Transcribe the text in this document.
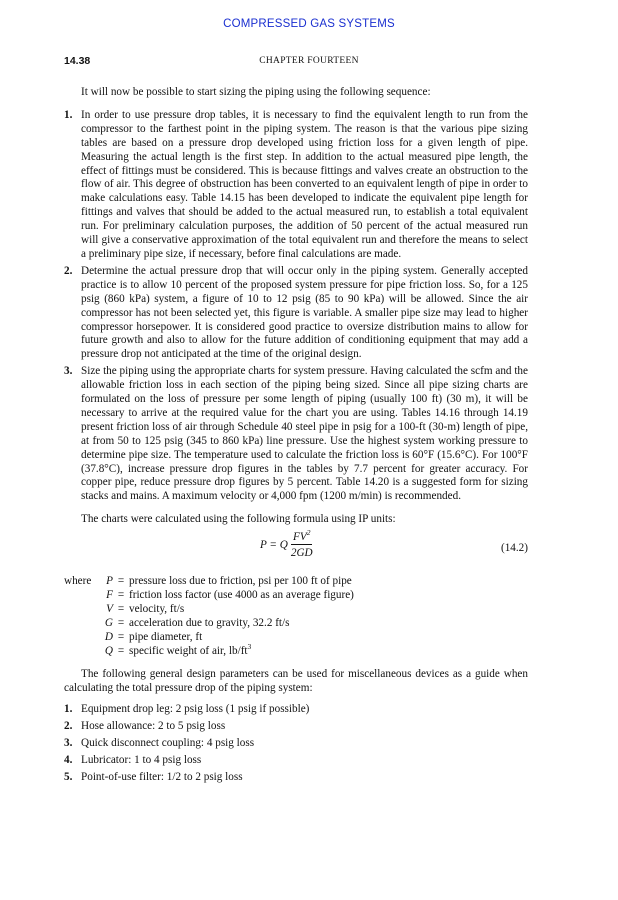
COMPRESSED GAS SYSTEMS
14.38	CHAPTER FOURTEEN

It will now be possible to start sizing the piping using the following sequence:

1. In order to use pressure drop tables, it is necessary to find the equivalent length to run from the compressor to the farthest point in the piping system. The reason is that the various pipe sizing tables are based on a pressure drop developed using friction loss for a given length of pipe. Measuring the actual length is the first step. In addition to the actual measured pipe length, the effect of fittings must be considered. This is because fittings and valves create an obstruction to the flow of air. This degree of obstruction has been converted to an equivalent length of pipe in order to make calculations easy. Table 14.15 has been developed to indicate the equivalent pipe length for fittings and valves that should be added to the actual measured run, to establish a total equivalent run. For preliminary calculation purposes, the addition of 50 percent of the actual measured run will give a conservative approximation of the total equivalent run and therefore the means to select a preliminary pipe size, if necessary, before final calculations are made.
2. Determine the actual pressure drop that will occur only in the piping system. Generally accepted practice is to allow 10 percent of the proposed system pressure for pipe friction loss. So, for a 125 psig (860 kPa) system, a figure of 10 to 12 psig (85 to 90 kPa) will be allowed. Since the air compressor has not been selected yet, this figure is variable. A smaller pipe size may lead to higher compressor horsepower. It is considered good practice to oversize distribution mains to allow for future growth and also to allow for the future addition of conditioning equipment that may add a pressure drop not anticipated at the time of the original design.
3. Size the piping using the appropriate charts for system pressure. Having calculated the scfm and the allowable friction loss in each section of the piping being sized. Since all pipe sizing charts are formulated on the loss of pressure per some length of piping (usually 100 ft) (30 m), it will be necessary to arrive at the required value for the chart you are using. Tables 14.16 through 14.19 present friction loss of air through Schedule 40 steel pipe in psig for a 100-ft (30-m) length of pipe, at from 50 to 125 psig (345 to 860 kPa) line pressure. Use the highest system working pressure to determine pipe size. The temperature used to calculate the friction loss is 60°F (15.6°C). For 100°F (37.8°C), increase pressure drop figures in the tables by 7.7 percent for greater accuracy. For copper pipe, reduce pressure drop figures by 5 percent. Table 14.20 is a suggested form for sizing stacks and mains. A maximum velocity or 4,000 fpm (1200 m/min) is recommended.

The charts were calculated using the following formula using IP units:

P = Q $\frac{FV^2}{2GD}$	(14.2)
where	P = pressure loss due to friction, psi per 100 ft of pipe
F = friction loss factor (use 4000 as an average figure)
V = velocity, ft/s
G = acceleration due to gravity, 32.2 ft/s
D = pipe diameter, ft
Q = specific weight of air, $lb/ft^3$

The following general design parameters can be used for miscellaneous devices as a guide when calculating the total pressure drop of the piping system:

1. Equipment drop leg: 2 psig loss (1 psig if possible)
2. Hose allowance: 2 to 5 psig loss
3. Quick disconnect coupling: 4 psig loss
4. Lubricator: 1 to 4 psig loss
5. Point-of-use filter: 1/2 to 2 psig loss
